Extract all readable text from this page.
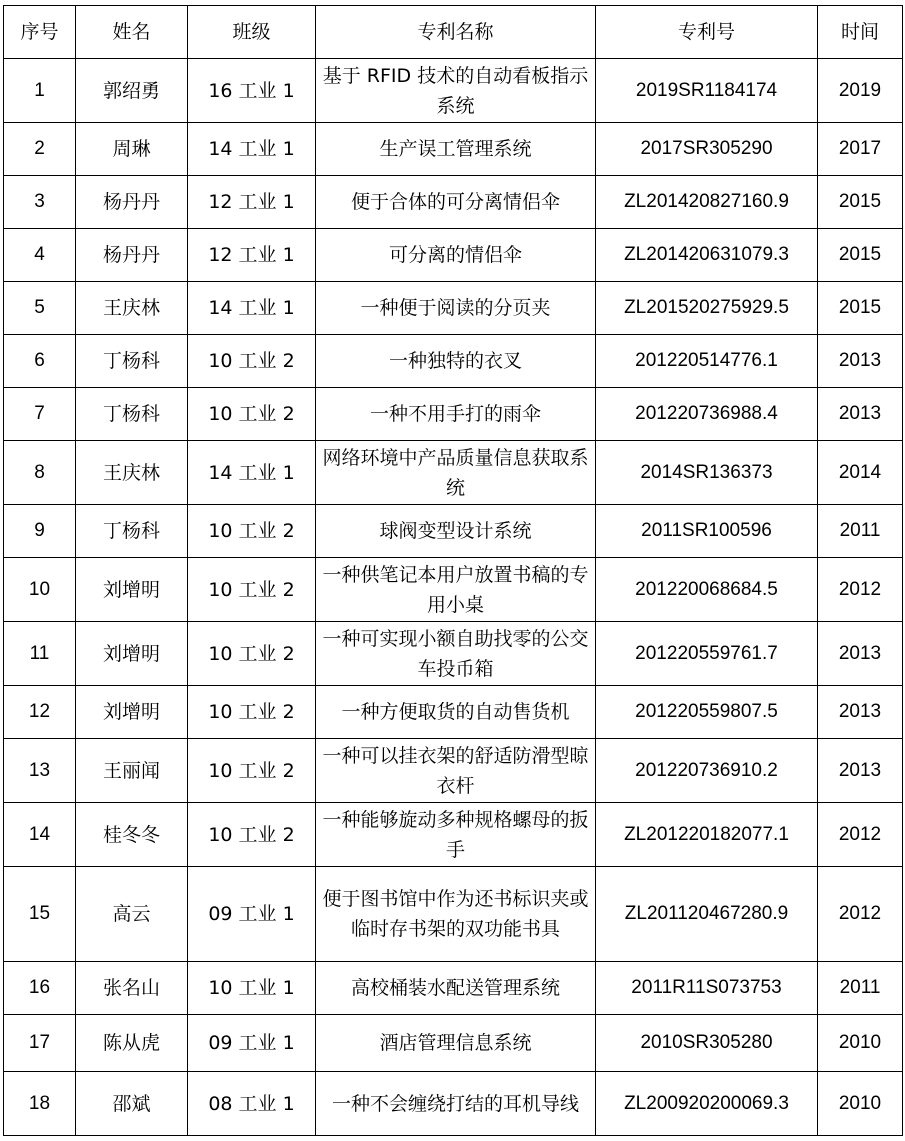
序号	姓名	班级	专利名称	专利号	时间
1	郭绍勇	16 工业 1	基于 RFID 技术的自动看板指示系统	2019SR1184174	2019
2	周琳	14 工业 1	生产误工管理系统	2017SR305290	2017
3	杨丹丹	12 工业 1	便于合体的可分离情侣伞	ZL201420827160.9	2015
4	杨丹丹	12 工业 1	可分离的情侣伞	ZL201420631079.3	2015
5	王庆林	14 工业 1	一种便于阅读的分页夹	ZL201520275929.5	2015
6	丁杨科	10 工业 2	一种独特的衣叉	201220514776.1	2013
7	丁杨科	10 工业 2	一种不用手打的雨伞	201220736988.4	2013
8	王庆林	14 工业 1	网络环境中产品质量信息获取系统	2014SR136373	2014
9	丁杨科	10 工业 2	球阀变型设计系统	2011SR100596	2011
10	刘增明	10 工业 2	一种供笔记本用户放置书稿的专用小桌	201220068684.5	2012
11	刘增明	10 工业 2	一种可实现小额自助找零的公交车投币箱	201220559761.7	2013
12	刘增明	10 工业 2	一种方便取货的自动售货机	201220559807.5	2013
13	王丽闻	10 工业 2	一种可以挂衣架的舒适防滑型晾衣杆	201220736910.2	2013
14	桂冬冬	10 工业 2	一种能够旋动多种规格螺母的扳手	ZL201220182077.1	2012
15	高云	09 工业 1	便于图书馆中作为还书标识夹或临时存书架的双功能书具	ZL201120467280.9	2012
16	张名山	10 工业 1	高校桶装水配送管理系统	2011R11S073753	2011
17	陈从虎	09 工业 1	酒店管理信息系统	2010SR305280	2010
18	邵斌	08 工业 1	一种不会缠绕打结的耳机导线	ZL200920200069.3	2010
